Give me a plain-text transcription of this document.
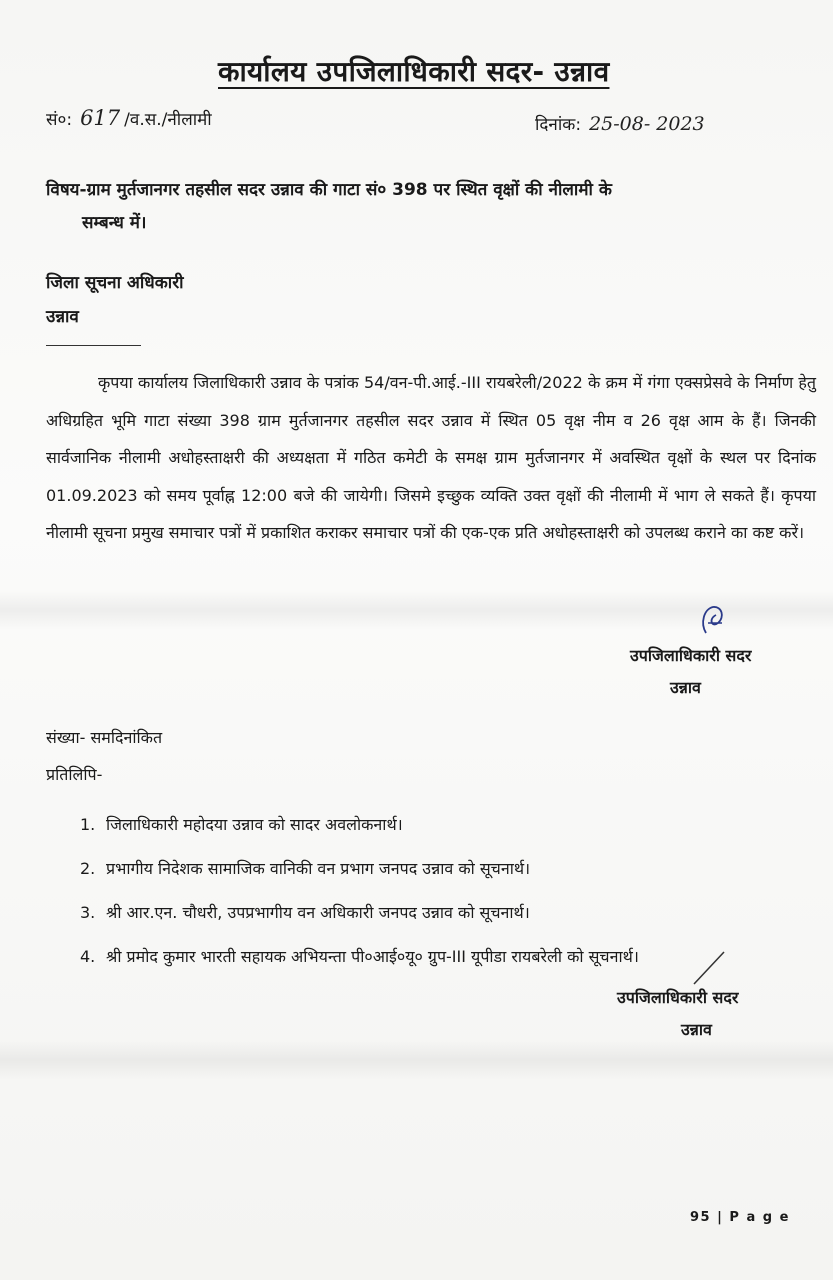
कार्यालय उपजिलाधिकारी सदर- उन्नाव
सं०: 617 /व.स./नीलामी	दिनांक: 25-08- 2023
विषय-ग्राम मुर्तजानगर तहसील सदर उन्नाव की गाटा सं० 398 पर स्थित वृक्षों की नीलामी के
सम्बन्ध में।
जिला सूचना अधिकारी
उन्नाव

कृपया कार्यालय जिलाधिकारी उन्नाव के पत्रांक 54/वन-पी.आई.-III रायबरेली/2022 के क्रम में गंगा एक्सप्रेसवे के निर्माण हेतु अधिग्रहित भूमि गाटा संख्या 398 ग्राम मुर्तजानगर तहसील सदर उन्नाव में स्थित 05 वृक्ष नीम व 26 वृक्ष आम के हैं। जिनकी सार्वजानिक नीलामी अधोहस्ताक्षरी की अध्यक्षता में गठित कमेटी के समक्ष ग्राम मुर्तजानगर में अवस्थित वृक्षों के स्थल पर दिनांक 01.09.2023 को समय पूर्वाह्न 12:00 बजे की जायेगी। जिसमे इच्छुक व्यक्ति उक्त वृक्षों की नीलामी में भाग ले सकते हैं। कृपया नीलामी सूचना प्रमुख समाचार पत्रों में प्रकाशित कराकर समाचार पत्रों की एक-एक प्रति अधोहस्ताक्षरी को उपलब्ध कराने का कष्ट करें।

उपजिलाधिकारी सदर
उन्नाव
संख्या- समदिनांकित
प्रतिलिपि-
1. जिलाधिकारी महोदया उन्नाव को सादर अवलोकनार्थ।
2. प्रभागीय निदेशक सामाजिक वानिकी वन प्रभाग जनपद उन्नाव को सूचनार्थ।
3. श्री आर.एन. चौधरी, उपप्रभागीय वन अधिकारी जनपद उन्नाव को सूचनार्थ।
4. श्री प्रमोद कुमार भारती सहायक अभियन्ता पी०आई०यू० ग्रुप-III यूपीडा रायबरेली को सूचनार्थ।
उपजिलाधिकारी सदर
उन्नाव
95 | P a g e
